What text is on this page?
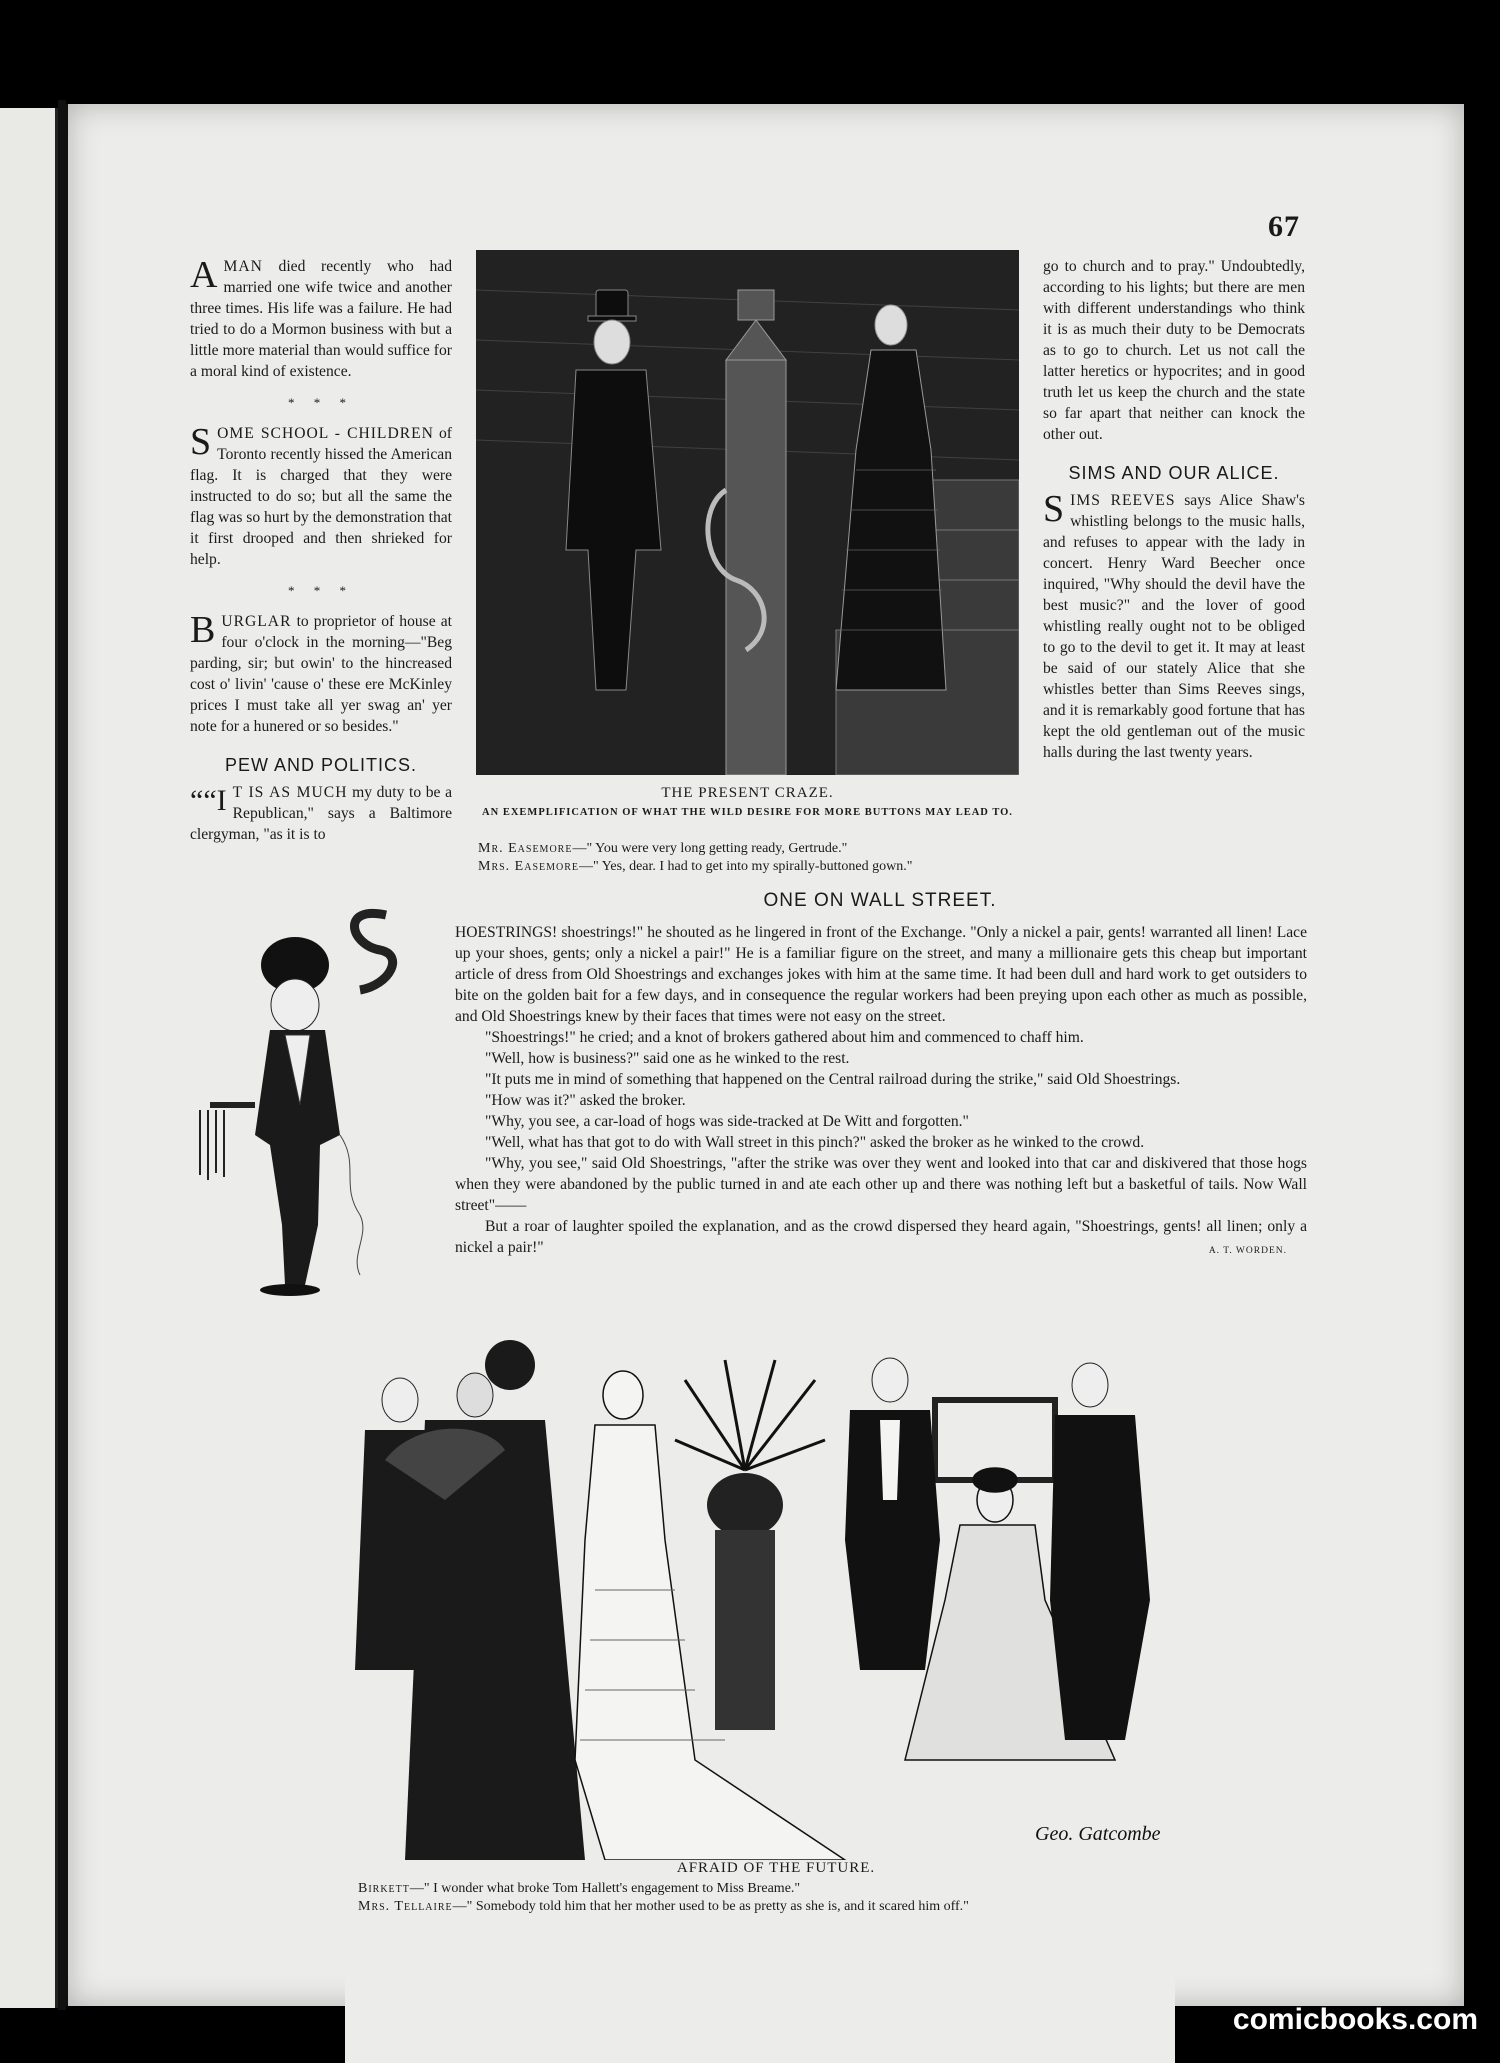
67

AMAN died recently who had married one wife twice and another three times. His life was a failure. He had tried to do a Mormon business with but a little more material than would suffice for a moral kind of existence.

* * *

SOME SCHOOL - CHILDREN of Toronto recently hissed the American flag. It is charged that they were instructed to do so; but all the same the flag was so hurt by the demonstration that it first drooped and then shrieked for help.

* * *

BURGLAR to proprietor of house at four o'clock in the morning—"Beg parding, sir; but owin' to the hincreased cost o' livin' 'cause o' these ere McKinley prices I must take all yer swag an' yer note for a hunered or so besides."

PEW AND POLITICS.

““I T IS AS MUCH my duty to be a Republican," says a Baltimore clergyman, "as it is to

THE PRESENT CRAZE.
AN EXEMPLIFICATION OF WHAT THE WILD DESIRE FOR MORE BUTTONS MAY LEAD TO.
Mr. Easemore—" You were very long getting ready, Gertrude."
Mrs. Easemore—" Yes, dear. I had to get into my spirally-buttoned gown."

go to church and to pray." Undoubtedly, according to his lights; but there are men with different understandings who think it is as much their duty to be Democrats as to go to church. Let us not call the latter heretics or hypocrites; and in good truth let us keep the church and the state so far apart that neither can knock the other out.

SIMS AND OUR ALICE.

SIMS REEVES says Alice Shaw's whistling belongs to the music halls, and refuses to appear with the lady in concert. Henry Ward Beecher once inquired, "Why should the devil have the best music?" and the lover of good whistling really ought not to be obliged to go to the devil to get it. It may at least be said of our stately Alice that she whistles better than Sims Reeves sings, and it is remarkably good fortune that has kept the old gentleman out of the music halls during the last twenty years.

ONE ON WALL STREET.

HOESTRINGS! shoestrings!" he shouted as he lingered in front of the Exchange. "Only a nickel a pair, gents! warranted all linen! Lace up your shoes, gents; only a nickel a pair!" He is a familiar figure on the street, and many a millionaire gets this cheap but important article of dress from Old Shoestrings and exchanges jokes with him at the same time. It had been dull and hard work to get outsiders to bite on the golden bait for a few days, and in consequence the regular workers had been preying upon each other as much as possible, and Old Shoestrings knew by their faces that times were not easy on the street.

"Shoestrings!" he cried; and a knot of brokers gathered about him and commenced to chaff him.

"Well, how is business?" said one as he winked to the rest.

"It puts me in mind of something that happened on the Central railroad during the strike," said Old Shoestrings.

"How was it?" asked the broker.

"Why, you see, a car-load of hogs was side-tracked at De Witt and forgotten."

"Well, what has that got to do with Wall street in this pinch?" asked the broker as he winked to the crowd.

"Why, you see," said Old Shoestrings, "after the strike was over they went and looked into that car and diskivered that those hogs when they were abandoned by the public turned in and ate each other up and there was nothing left but a basketful of tails. Now Wall street"——

But a roar of laughter spoiled the explanation, and as the crowd dispersed they heard again, "Shoestrings, gents! all linen; only a nickel a pair!"	A. T. WORDEN.

Geo. Gatcombe
AFRAID OF THE FUTURE.
Birkett—" I wonder what broke Tom Hallett's engagement to Miss Breame."
Mrs. Tellaire—" Somebody told him that her mother used to be as pretty as she is, and it scared him off."
comicbooks.com
